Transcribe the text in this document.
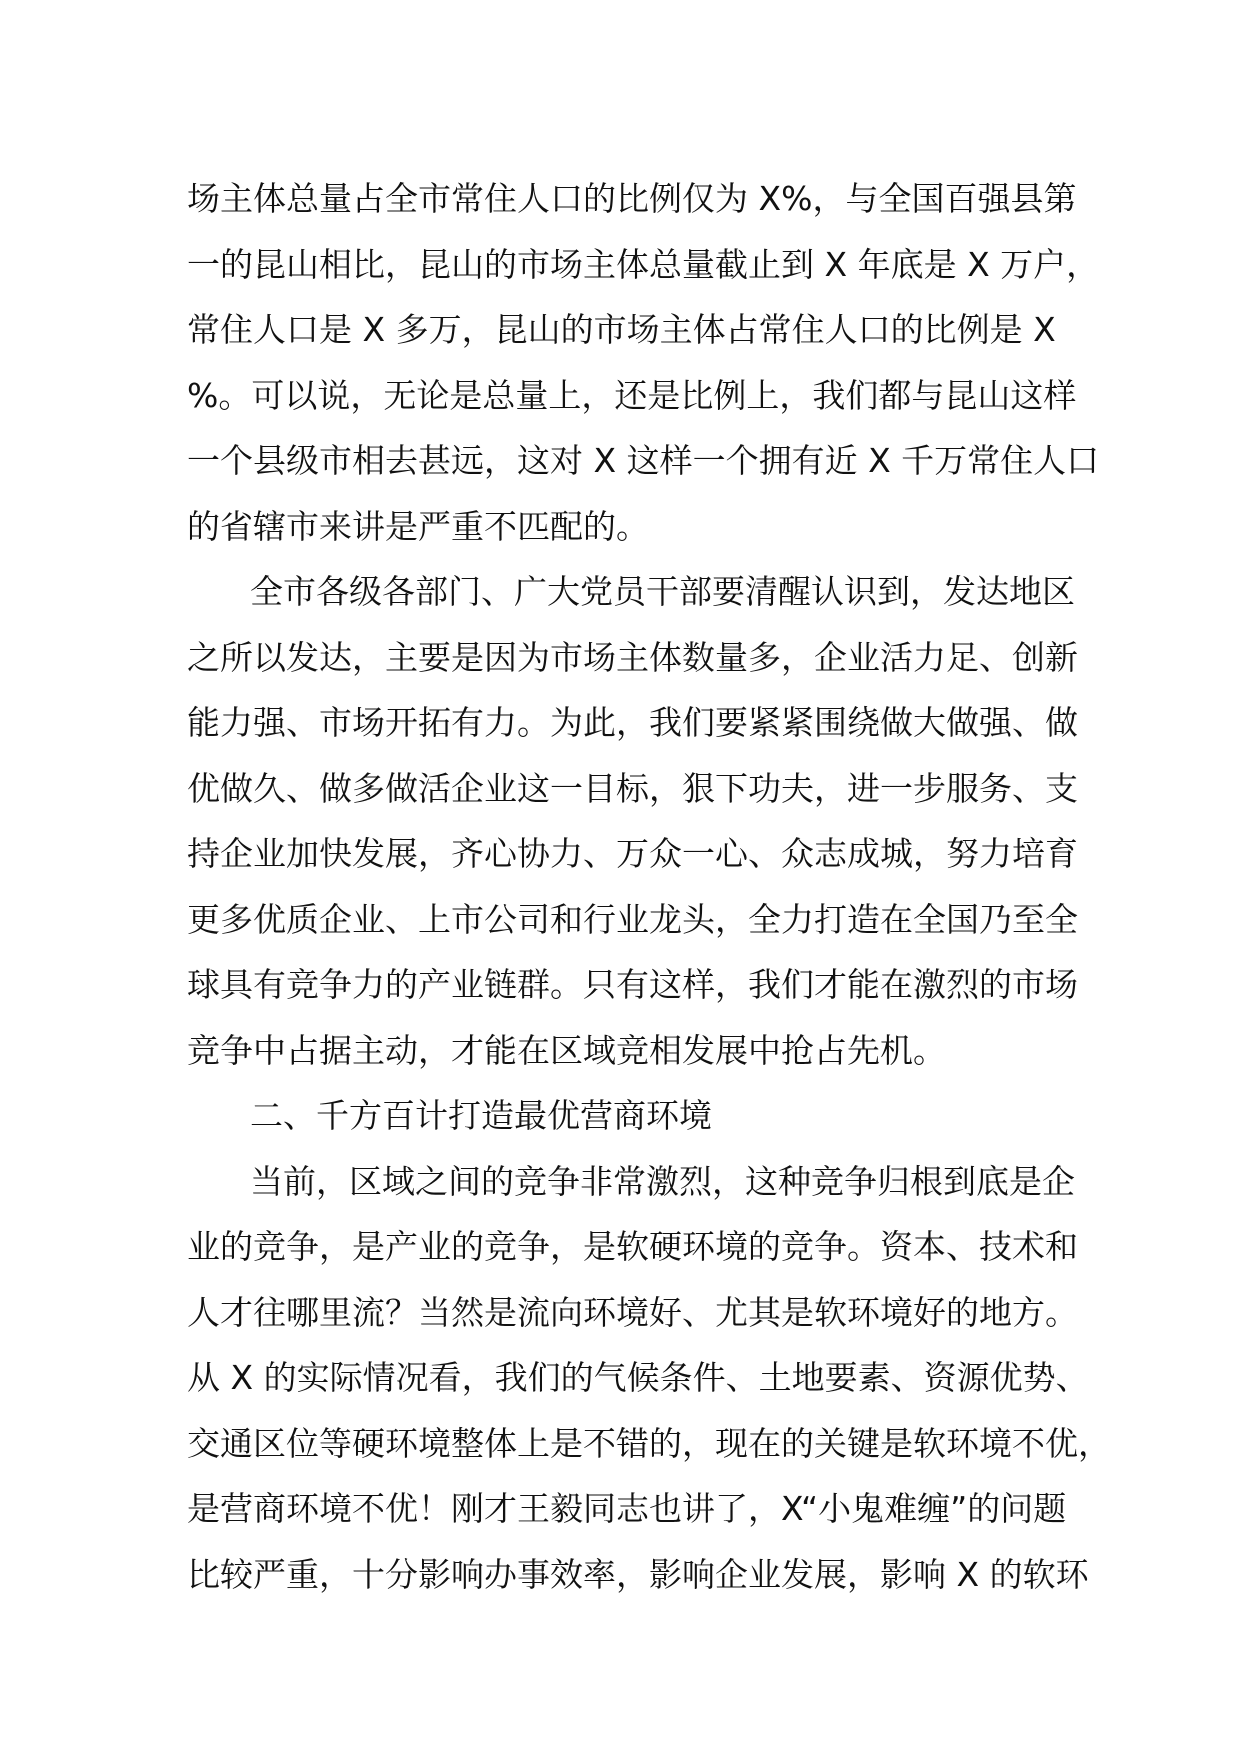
场主体总量占全市常住人口的比例仅为 X%，与全国百强县第
一的昆山相比，昆山的市场主体总量截止到 X 年底是 X 万户，
常住人口是 X 多万，昆山的市场主体占常住人口的比例是 X
%。可以说，无论是总量上，还是比例上，我们都与昆山这样
一个县级市相去甚远，这对 X 这样一个拥有近 X 千万常住人口
的省辖市来讲是严重不匹配的。
全市各级各部门、广大党员干部要清醒认识到，发达地区
之所以发达，主要是因为市场主体数量多，企业活力足、创新
能力强、市场开拓有力。为此，我们要紧紧围绕做大做强、做
优做久、做多做活企业这一目标，狠下功夫，进一步服务、支
持企业加快发展，齐心协力、万众一心、众志成城，努力培育
更多优质企业、上市公司和行业龙头，全力打造在全国乃至全
球具有竞争力的产业链群。只有这样，我们才能在激烈的市场
竞争中占据主动，才能在区域竞相发展中抢占先机。
二、千方百计打造最优营商环境
当前，区域之间的竞争非常激烈，这种竞争归根到底是企
业的竞争，是产业的竞争，是软硬环境的竞争。资本、技术和
人才往哪里流？当然是流向环境好、尤其是软环境好的地方。
从 X 的实际情况看，我们的气候条件、土地要素、资源优势、
交通区位等硬环境整体上是不错的，现在的关键是软环境不优，
是营商环境不优！刚才王毅同志也讲了，X“小鬼难缠”的问题
比较严重，十分影响办事效率，影响企业发展，影响 X 的软环
